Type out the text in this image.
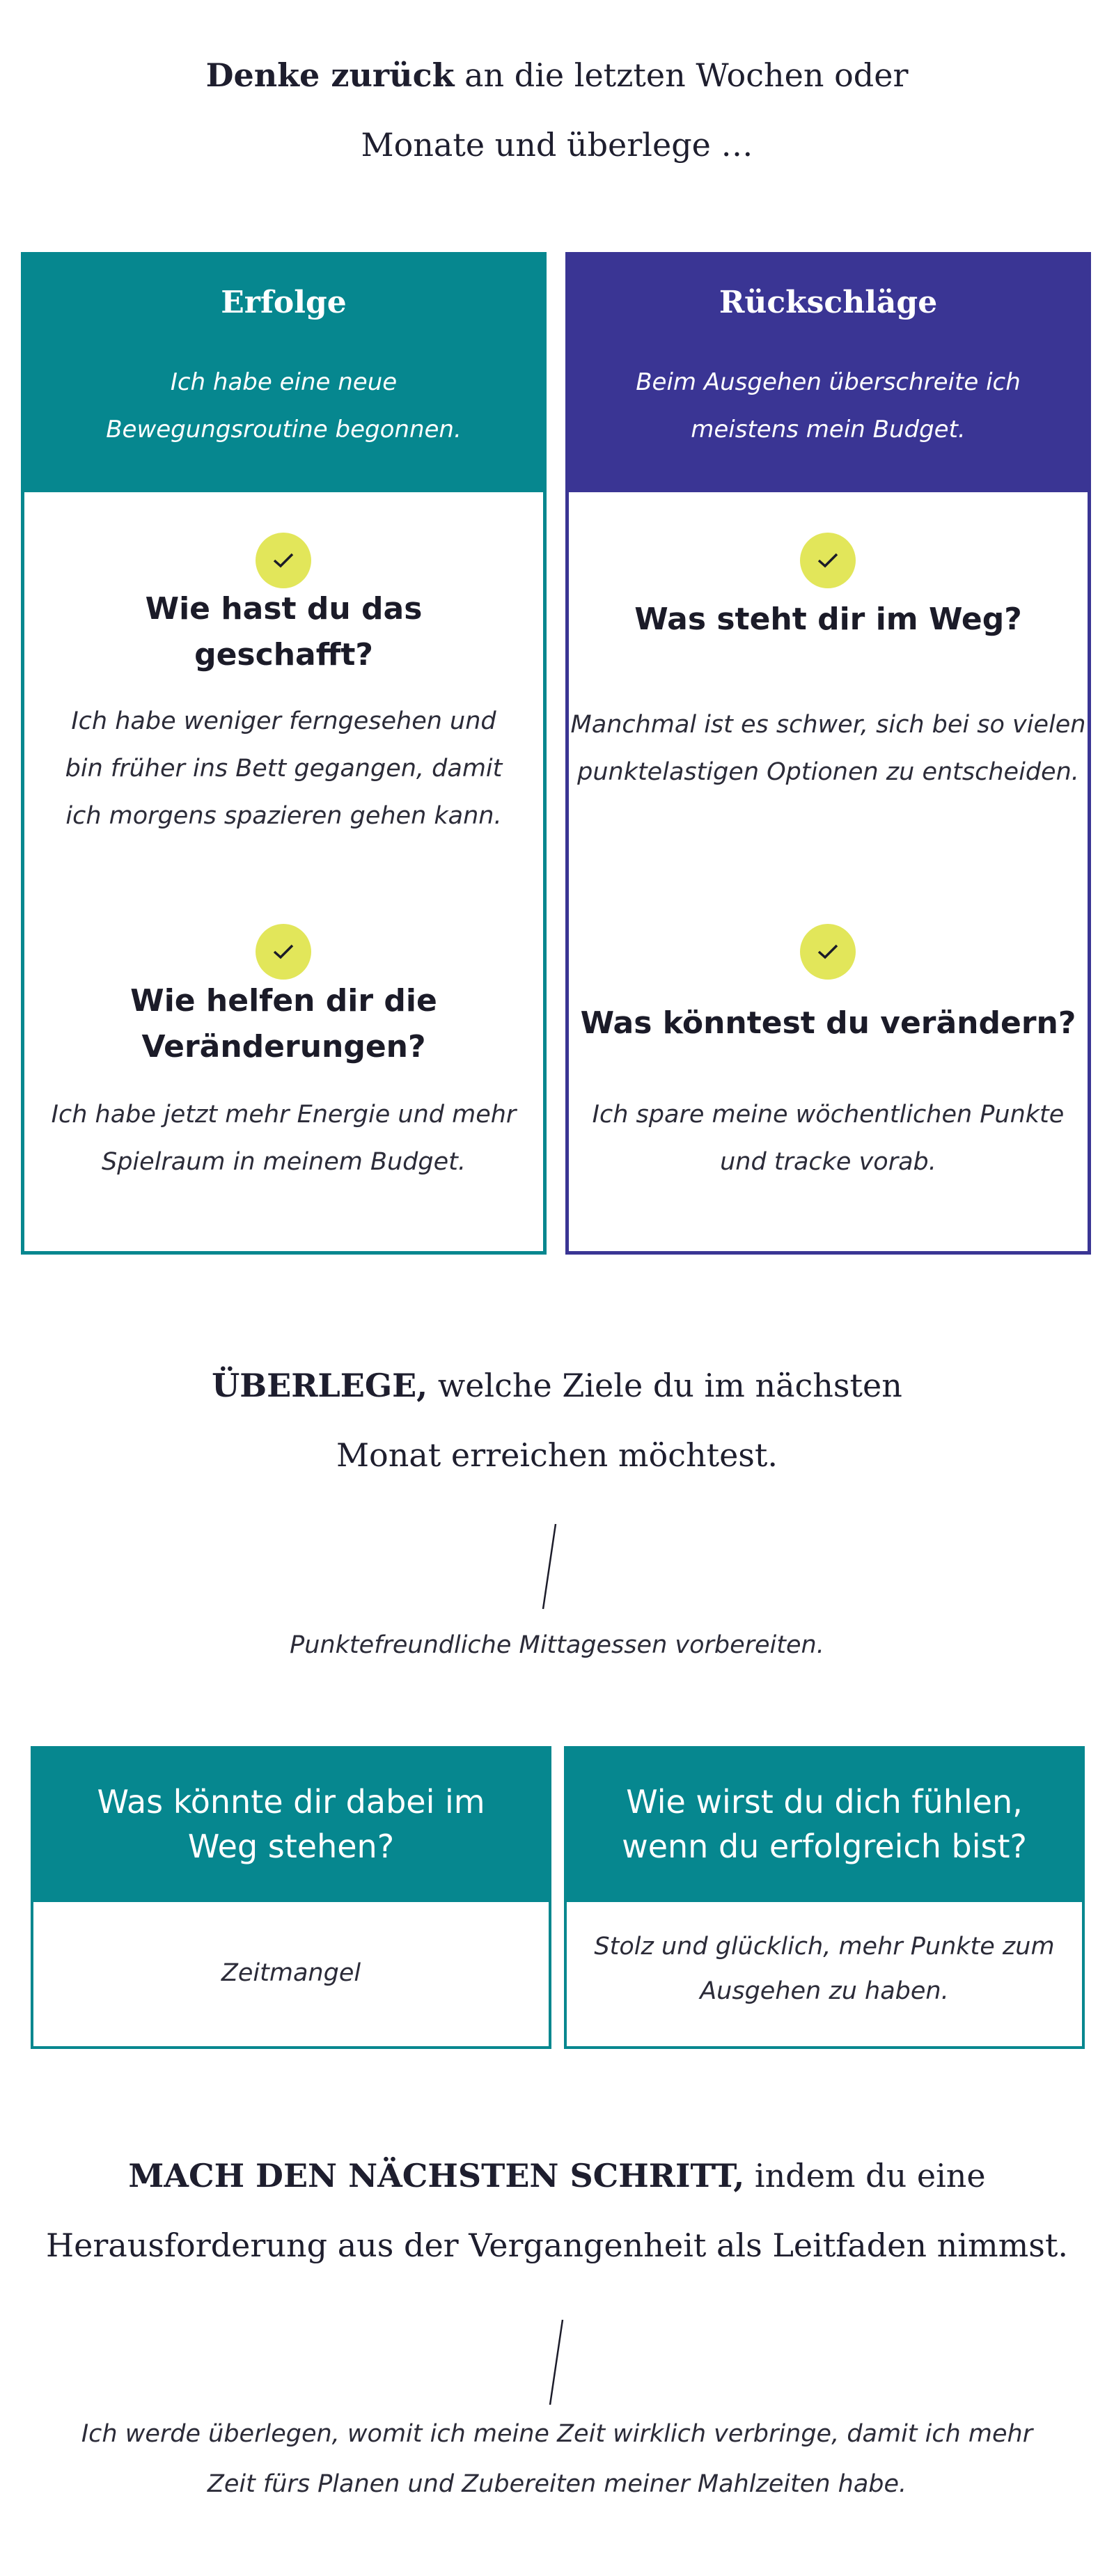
Denke zurück an die letzten Wochen oder
Monate und überlege …
Erfolge
Ich habe eine neue
Bewegungsroutine begonnen.
Wie hast du das
geschafft?
Ich habe weniger ferngesehen und
bin früher ins Bett gegangen, damit
ich morgens spazieren gehen kann.
Wie helfen dir die
Veränderungen?
Ich habe jetzt mehr Energie und mehr
Spielraum in meinem Budget.
Rückschläge
Beim Ausgehen überschreite ich
meistens mein Budget.
Was steht dir im Weg?
Manchmal ist es schwer, sich bei so vielen
punktelastigen Optionen zu entscheiden.
Was könntest du verändern?
Ich spare meine wöchentlichen Punkte
und tracke vorab.
ÜBERLEGE, welche Ziele du im nächsten
Monat erreichen möchtest.
Punktefreundliche Mittagessen vorbereiten.
Was könnte dir dabei im
Weg stehen?
Zeitmangel
Wie wirst du dich fühlen,
wenn du erfolgreich bist?
Stolz und glücklich, mehr Punkte zum
Ausgehen zu haben.
MACH DEN NÄCHSTEN SCHRITT, indem du eine
Herausforderung aus der Vergangenheit als Leitfaden nimmst.
Ich werde überlegen, womit ich meine Zeit wirklich verbringe, damit ich mehr
Zeit fürs Planen und Zubereiten meiner Mahlzeiten habe.
